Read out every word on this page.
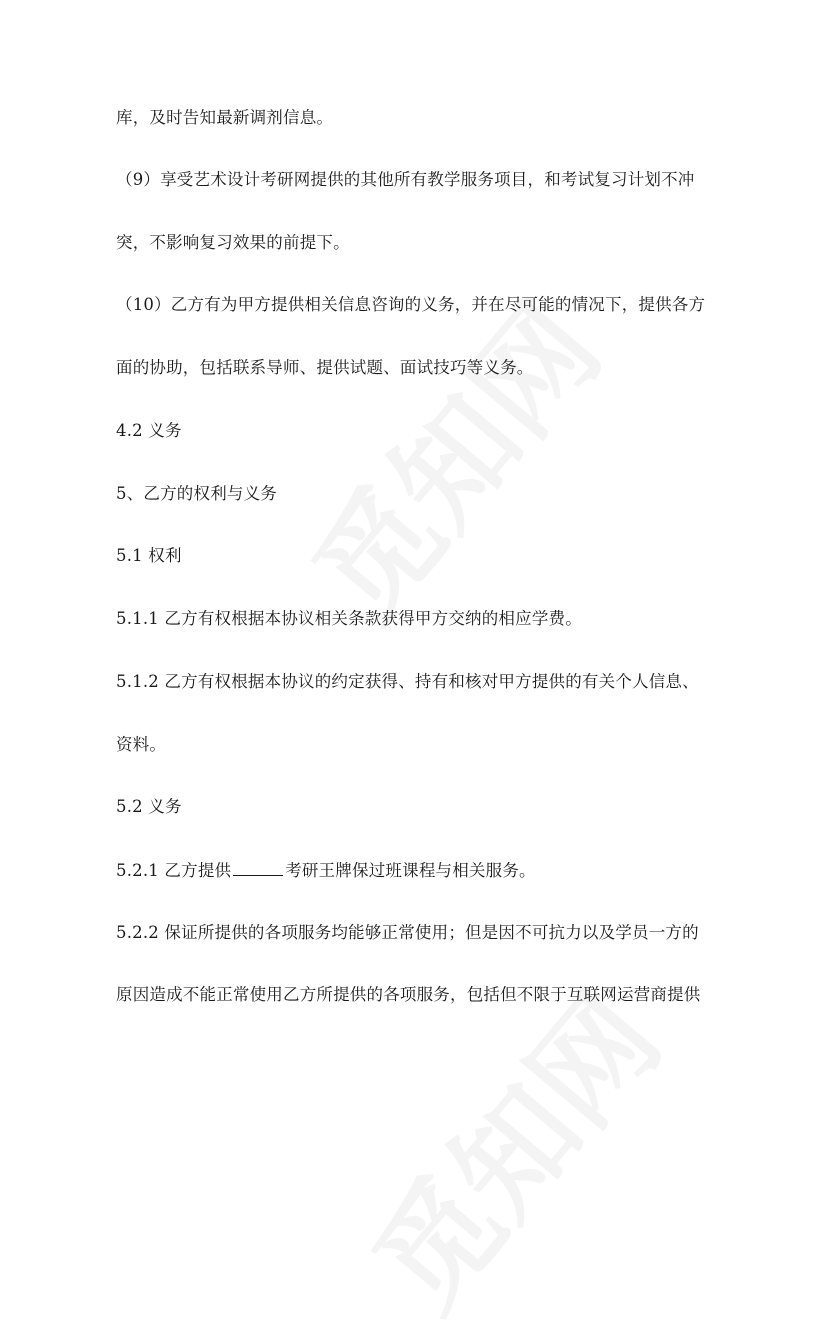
库，及时告知最新调剂信息。
（9）享受艺术设计考研网提供的其他所有教学服务项目，和考试复习计划不冲
突，不影响复习效果的前提下。
（10）乙方有为甲方提供相关信息咨询的义务，并在尽可能的情况下，提供各方
面的协助，包括联系导师、提供试题、面试技巧等义务。
4.2 义务
5、乙方的权利与义务
5.1 权利
5.1.1 乙方有权根据本协议相关条款获得甲方交纳的相应学费。
5.1.2 乙方有权根据本协议的约定获得、持有和核对甲方提供的有关个人信息、
资料。
5.2 义务
5.2.1 乙方提供	考研王牌保过班课程与相关服务。
5.2.2 保证所提供的各项服务均能够正常使用；但是因不可抗力以及学员一方的
原因造成不能正常使用乙方所提供的各项服务，包括但不限于互联网运营商提供
